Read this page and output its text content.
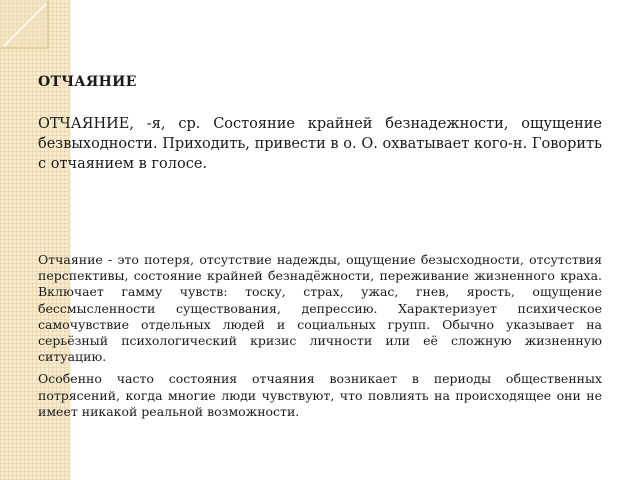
ОТЧАЯНИЕ

ОТЧАЯНИЕ, -я, ср. Состояние крайней безнадежности, ощущение безвыходности. Приходить, привести в о. О. охватывает кого-н. Говорить с отчаянием в голосе.

Отчаяние - это потеря, отсутствие надежды, ощущение безысходности, отсутствия перспективы, состояние крайней безнадёжности, переживание жизненного краха. Включает гамму чувств: тоску, страх, ужас, гнев, ярость, ощущение бессмысленности существования, депрессию. Характеризует психическое самочувствие отдельных людей и социальных групп. Обычно указывает на серьёзный психологический кризис личности или её сложную жизненную ситуацию.

Особенно часто состояния отчаяния возникает в периоды общественных потрясений, когда многие люди чувствуют, что повлиять на происходящее они не имеет никакой реальной возможности.
